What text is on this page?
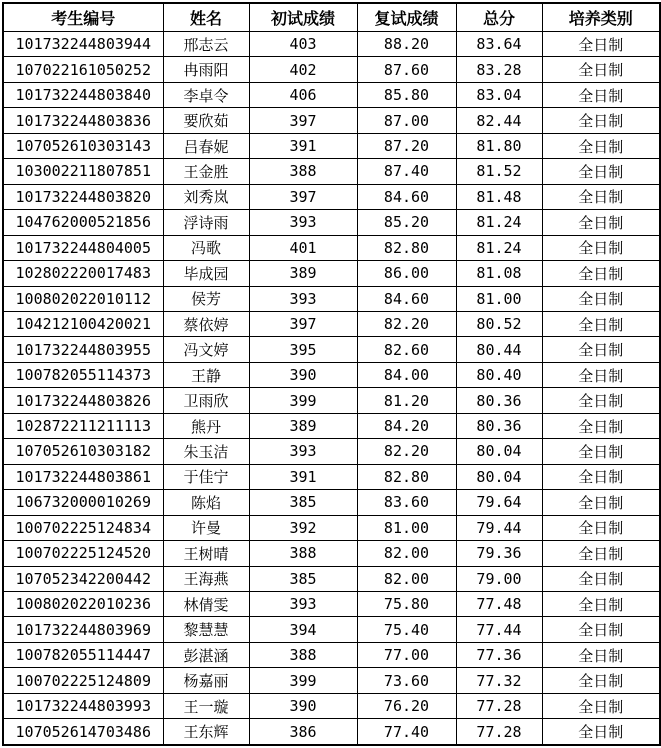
考生编号	姓名	初试成绩	复试成绩	总分	培养类别
101732244803944	邢志云	403	88.20	83.64	全日制
107022161050252	冉雨阳	402	87.60	83.28	全日制
101732244803840	李卓令	406	85.80	83.04	全日制
101732244803836	要欣茹	397	87.00	82.44	全日制
107052610303143	吕春妮	391	87.20	81.80	全日制
103002211807851	王金胜	388	87.40	81.52	全日制
101732244803820	刘秀岚	397	84.60	81.48	全日制
104762000521856	浮诗雨	393	85.20	81.24	全日制
101732244804005	冯歌	401	82.80	81.24	全日制
102802220017483	毕成园	389	86.00	81.08	全日制
100802022010112	侯芳	393	84.60	81.00	全日制
104212100420021	蔡依婷	397	82.20	80.52	全日制
101732244803955	冯文婷	395	82.60	80.44	全日制
100782055114373	王静	390	84.00	80.40	全日制
101732244803826	卫雨欣	399	81.20	80.36	全日制
102872211211113	熊丹	389	84.20	80.36	全日制
107052610303182	朱玉洁	393	82.20	80.04	全日制
101732244803861	于佳宁	391	82.80	80.04	全日制
106732000010269	陈焰	385	83.60	79.64	全日制
100702225124834	许曼	392	81.00	79.44	全日制
100702225124520	王树晴	388	82.00	79.36	全日制
107052342200442	王海燕	385	82.00	79.00	全日制
100802022010236	林倩雯	393	75.80	77.48	全日制
101732244803969	黎慧慧	394	75.40	77.44	全日制
100782055114447	彭湛涵	388	77.00	77.36	全日制
100702225124809	杨嘉丽	399	73.60	77.32	全日制
101732244803993	王一璇	390	76.20	77.28	全日制
107052614703486	王东辉	386	77.40	77.28	全日制
